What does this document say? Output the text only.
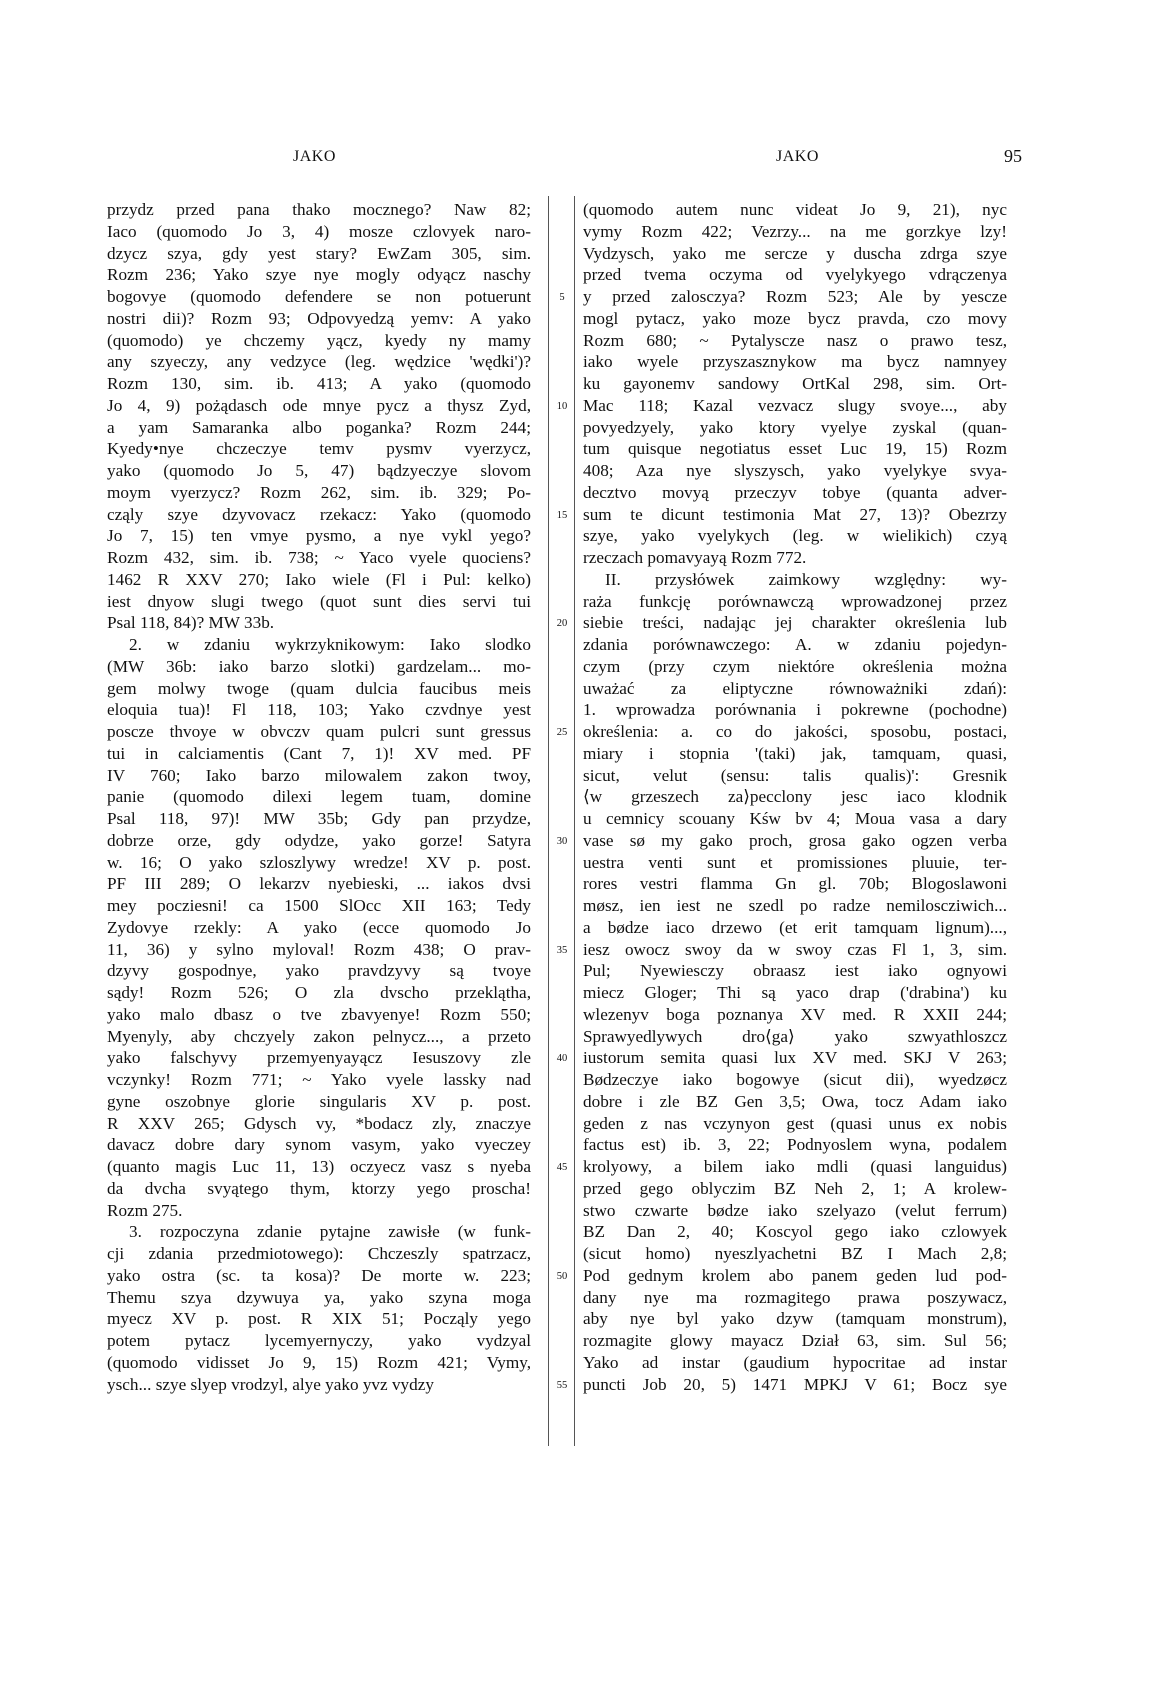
JAKO	JAKO	95
5
10
15
20
25
30
35
40
45
50
55
przydz przed pana thako mocznego? Naw 82;
Iaco (quomodo Jo 3, 4) mosze czlovyek naro-
dzycz szya, gdy yest stary? EwZam 305, sim.
Rozm 236; Yako szye nye mogly odyącz naschy
bogovye (quomodo defendere se non potuerunt
nostri dii)? Rozm 93; Odpovyedzą yemv: A yako
(quomodo) ye chczemy yącz, kyedy ny mamy
any szyeczy, any vedzyce (leg. wędzice 'wędki')?
Rozm 130, sim. ib. 413; A yako (quomodo
Jo 4, 9) pożądasch ode mnye pycz a thysz Zyd,
a yam Samaranka albo poganka? Rozm 244;
Kyedy•nye chczeczye temv pysmv vyerzycz,
yako (quomodo Jo 5, 47) bądzyeczye slovom
moym vyerzycz? Rozm 262, sim. ib. 329; Po-
cząly szye dzyvovacz rzekacz: Yako (quomodo
Jo 7, 15) ten vmye pysmo, a nye vykl yego?
Rozm 432, sim. ib. 738; ~ Yaco vyele quociens?
1462 R XXV 270; Iako wiele (Fl i Pul: kelko)
iest dnyow slugi twego (quot sunt dies servi tui
Psal 118, 84)? MW 33b.
2. w zdaniu wykrzyknikowym: Iako slodko
(MW 36b: iako barzo slotki) gardzelam... mo-
gem molwy twoge (quam dulcia faucibus meis
eloquia tua)! Fl 118, 103; Yako czvdnye yest
poscze thvoye w obvczv quam pulcri sunt gressus
tui in calciamentis (Cant 7, 1)! XV med. PF
IV 760; Iako barzo milowalem zakon twoy,
panie (quomodo dilexi legem tuam, domine
Psal 118, 97)! MW 35b; Gdy pan przydze,
dobrze orze, gdy odydze, yako gorze! Satyra
w. 16; O yako szloszlywy wredze! XV p. post.
PF III 289; O lekarzv nyebieski, ... iakos dvsi
mey pocziesni! ca 1500 SlOcc XII 163; Tedy
Zydovye rzekly: A yako (ecce quomodo Jo
11, 36) y sylno myloval! Rozm 438; O prav-
dzyvy gospodnye, yako pravdzyvy są tvoye
sądy! Rozm 526; O zla dvscho przeklątha,
yako malo dbasz o tve zbavyenye! Rozm 550;
Myenyly, aby chczyely zakon pelnycz..., a przeto
yako falschyvy przemyenyayącz Iesuszovy zle
vczynky! Rozm 771; ~ Yako vyele lassky nad
gyne oszobnye glorie singularis XV p. post.
R XXV 265; Gdysch vy, *bodacz zly, znaczye
davacz dobre dary synom vasym, yako vyeczey
(quanto magis Luc 11, 13) oczyecz vasz s nyeba
da dvcha svyątego thym, ktorzy yego proscha!
Rozm 275.
3. rozpoczyna zdanie pytajne zawisłe (w funk-
cji zdania przedmiotowego): Chczeszly spatrzacz,
yako ostra (sc. ta kosa)? De morte w. 223;
Themu szya dzywuya ya, yako szyna moga
myecz XV p. post. R XIX 51; Począly yego
potem pytacz lycemyernyczy, yako vydzyal
(quomodo vidisset Jo 9, 15) Rozm 421; Vymy,
ysch... szye slyep vrodzyl, alye yako yvz vydzy
(quomodo autem nunc videat Jo 9, 21), nyc
vymy Rozm 422; Vezrzy... na me gorzkye lzy!
Vydzysch, yako me sercze y duscha zdrga szye
przed tvema oczyma od vyelykyego vdrączenya
y przed zalosczya? Rozm 523; Ale by yescze
mogl pytacz, yako moze bycz pravda, czo movy
Rozm 680; ~ Pytalyscze nasz o prawo tesz,
iako wyele przyszasznykow ma bycz namnyey
ku gayonemv sandowy OrtKal 298, sim. Ort-
Mac 118; Kazal vezvacz slugy svoye..., aby
povyedzyely, yako ktory vyelye zyskal (quan-
tum quisque negotiatus esset Luc 19, 15) Rozm
408; Aza nye slyszysch, yako vyelykye svya-
decztvo movyą przeczyv tobye (quanta adver-
sum te dicunt testimonia Mat 27, 13)? Obezrzy
szye, yako vyelykych (leg. w wielikich) czyą
rzeczach pomavyayą Rozm 772.
II. przysłówek zaimkowy względny: wy-
raża funkcję porównawczą wprowadzonej przez
siebie treści, nadając jej charakter określenia lub
zdania porównawczego: A. w zdaniu pojedyn-
czym (przy czym niektóre określenia można
uważać za eliptyczne równoważniki zdań):
1. wprowadza porównania i pokrewne (pochodne)
określenia: a. co do jakości, sposobu, postaci,
miary i stopnia '(taki) jak, tamquam, quasi,
sicut, velut (sensu: talis qualis)': Gresnik
⟨w grzeszech za⟩pecclony jesc iaco klodnik
u cemnicy scouany Kśw bv 4; Moua vasa a dary
vase sø my gako proch, grosa gako ogzen verba
uestra venti sunt et promissiones pluuie, ter-
rores vestri flamma Gn gl. 70b; Blogoslawoni
møsz, ien iest ne szedl po radze nemiloscziwich...
a bødze iaco drzewo (et erit tamquam lignum)...,
iesz owocz swoy da w swoy czas Fl 1, 3, sim.
Pul; Nyewiesczy obraasz iest iako ognyowi
miecz Gloger; Thi są yaco drap ('drabina') ku
wlezenyv boga poznanya XV med. R XXII 244;
Sprawyedlywych dro⟨ga⟩ yako szwyathloszcz
iustorum semita quasi lux XV med. SKJ V 263;
Bødzeczye iako bogowye (sicut dii), wyedzøcz
dobre i zle BZ Gen 3,5; Owa, tocz Adam iako
geden z nas vczynyon gest (quasi unus ex nobis
factus est) ib. 3, 22; Podnyoslem wyna, podalem
krolyowy, a bilem iako mdli (quasi languidus)
przed gego oblyczim BZ Neh 2, 1; A krolew-
stwo czwarte bødze iako szelyazo (velut ferrum)
BZ Dan 2, 40; Koscyol gego iako czlowyek
(sicut homo) nyeszlyachetni BZ I Mach 2,8;
Pod gednym krolem abo panem geden lud pod-
dany nye ma rozmagitego prawa poszywacz,
aby nye byl yako dzyw (tamquam monstrum),
rozmagite glowy mayacz Dział 63, sim. Sul 56;
Yako ad instar (gaudium hypocritae ad instar
puncti Job 20, 5) 1471 MPKJ V 61; Bocz sye
